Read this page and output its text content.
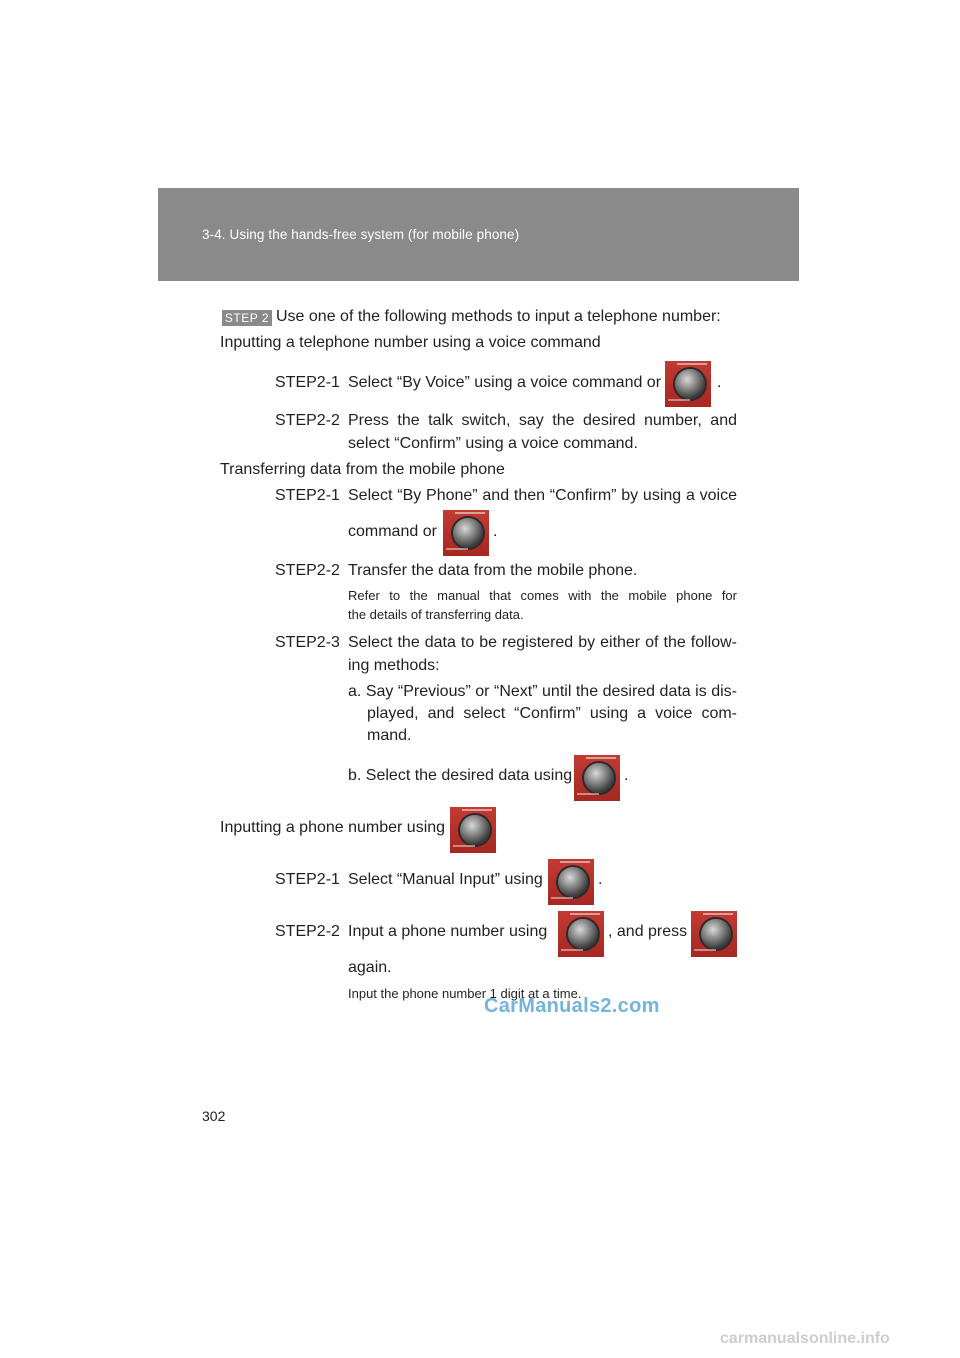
3-4. Using the hands-free system (for mobile phone)
STEP 2 Use one of the following methods to input a telephone number:
Inputting a telephone number using a voice command
STEP2-1 Select “By Voice” using a voice command or	.
STEP2-2 Press the talk switch, say the desired number, and
select “Confirm” using a voice command.
Transferring data from the mobile phone
STEP2-1 Select “By Phone” and then “Confirm” by using a voice
command or	.
STEP2-2 Transfer the data from the mobile phone.
Refer to the manual that comes with the mobile phone for
the details of transferring data.
STEP2-3 Select the data to be registered by either of the follow-
ing methods:
a. Say “Previous” or “Next” until the desired data is dis-
played, and select “Confirm” using a voice com-
mand.
b. Select the desired data using	.
Inputting a phone number using
STEP2-1 Select “Manual Input” using	.
STEP2-2 Input a phone number using	, and press
again.
Input the phone number 1 digit at a time.
302
CarManuals2.com
carmanualsonline.info
